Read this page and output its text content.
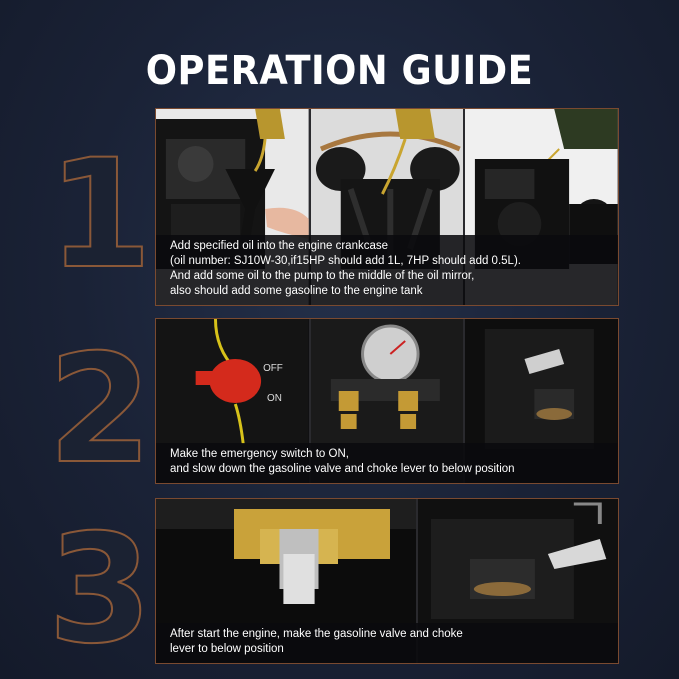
OPERATION GUIDE
1	Add specified oil into the engine crankcase
(oil number: SJ10W-30,if15HP should add 1L, 7HP should add 0.5L).
And add some oil to the pump to the middle of the oil mirror,
also should add some gasoline to the engine tank
2	OFF
ON
Make the emergency switch to ON,
and slow down the gasoline valve and choke lever to below position
3	After start the engine, make the gasoline valve and choke
lever to below position
